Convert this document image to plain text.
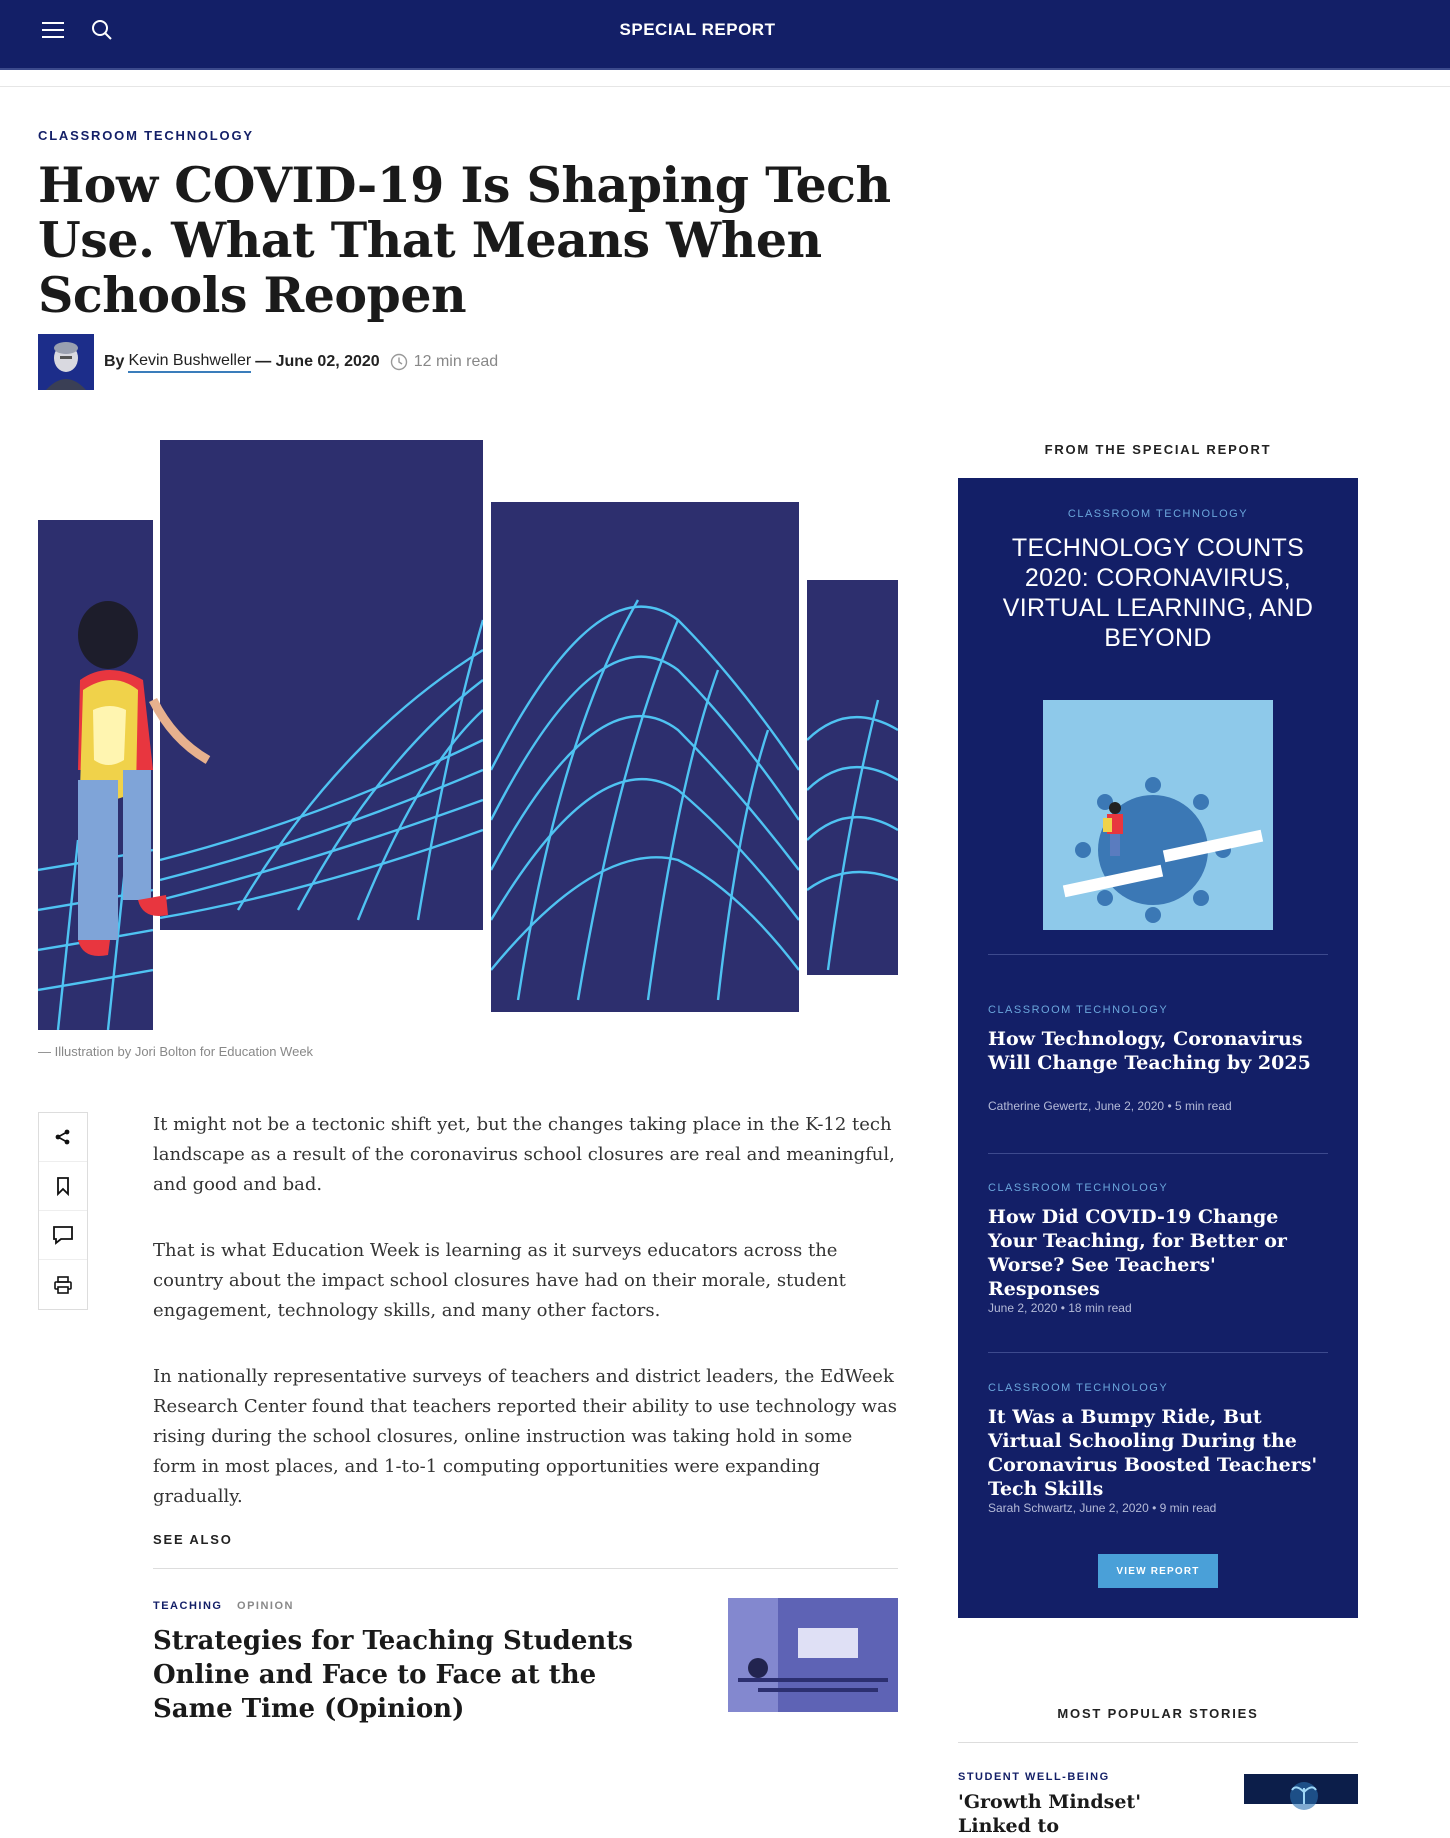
SPECIAL REPORT
CLASSROOM TECHNOLOGY
How COVID-19 Is Shaping Tech Use. What That Means When Schools Reopen
By Kevin Bushweller — June 02, 2020 12 min read
— Illustration by Jori Bolton for Education Week

It might not be a tectonic shift yet, but the changes taking place in the K-12 tech landscape as a result of the coronavirus school closures are real and meaningful, and good and bad.

That is what Education Week is learning as it surveys educators across the country about the impact school closures have had on their morale, student engagement, technology skills, and many other factors.

In nationally representative surveys of teachers and district leaders, the EdWeek Research Center found that teachers reported their ability to use technology was rising during the school closures, online instruction was taking hold in some form in most places, and 1-to-1 computing opportunities were expanding gradually.

SEE ALSO
TEACHING OPINION
Strategies for Teaching Students Online and Face to Face at the Same Time (Opinion)
FROM THE SPECIAL REPORT
CLASSROOM TECHNOLOGY
TECHNOLOGY COUNTS 2020: CORONAVIRUS, VIRTUAL LEARNING, AND BEYOND
CLASSROOM TECHNOLOGY
How Technology, Coronavirus Will Change Teaching by 2025
Catherine Gewertz, June 2, 2020 • 5 min read
CLASSROOM TECHNOLOGY
How Did COVID-19 Change Your Teaching, for Better or Worse? See Teachers' Responses
June 2, 2020 • 18 min read
CLASSROOM TECHNOLOGY
It Was a Bumpy Ride, But Virtual Schooling During the Coronavirus Boosted Teachers' Tech Skills
Sarah Schwartz, June 2, 2020 • 9 min read
VIEW REPORT
MOST POPULAR STORIES
STUDENT WELL-BEING
'Growth Mindset' Linked to
